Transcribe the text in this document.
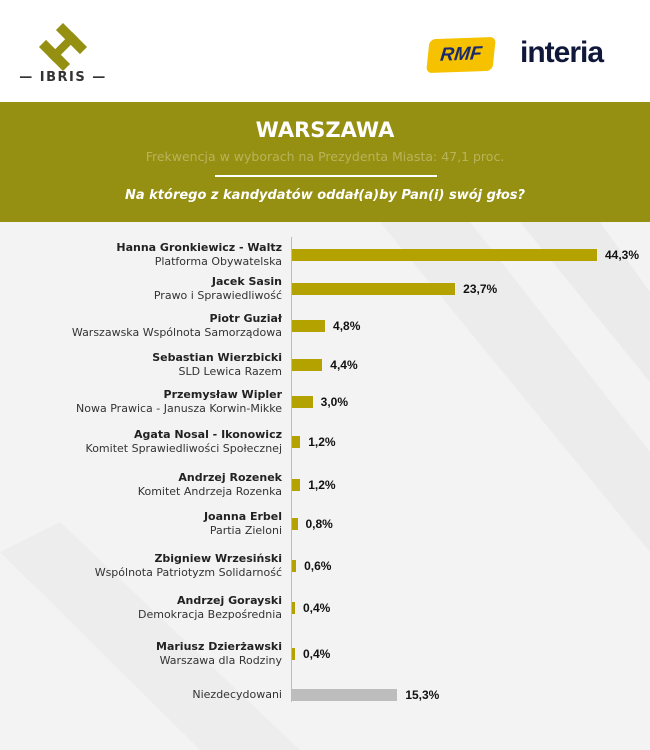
— IBRIS —
RMF	interia
WARSZAWA
Frekwencja w wyborach na Prezydenta Miasta: 47,1 proc.
Na którego z kandydatów oddał(a)by Pan(i) swój głos?
Hanna Gronkiewicz - Waltz
Platforma Obywatelska	44,3%
Jacek Sasin
Prawo i Sprawiedliwość	23,7%
Piotr Guział
Warszawska Wspólnota Samorządowa	4,8%
Sebastian Wierzbicki
SLD Lewica Razem	4,4%
Przemysław Wipler
Nowa Prawica - Janusza Korwin-Mikke	3,0%
Agata Nosal - Ikonowicz
Komitet Sprawiedliwości Społecznej 1,2%
Andrzej Rozenek
Komitet Andrzeja Rozenka 1,2%
Joanna Erbel
Partia Zieloni 0,8%
Zbigniew Wrzesiński
Wspólnota Patriotyzm Solidarność 0,6%
Andrzej Gorayski
Demokracja Bezpośrednia 0,4%
Mariusz Dzierżawski
Warszawa dla Rodziny 0,4%
Niezdecydowani	15,3%
